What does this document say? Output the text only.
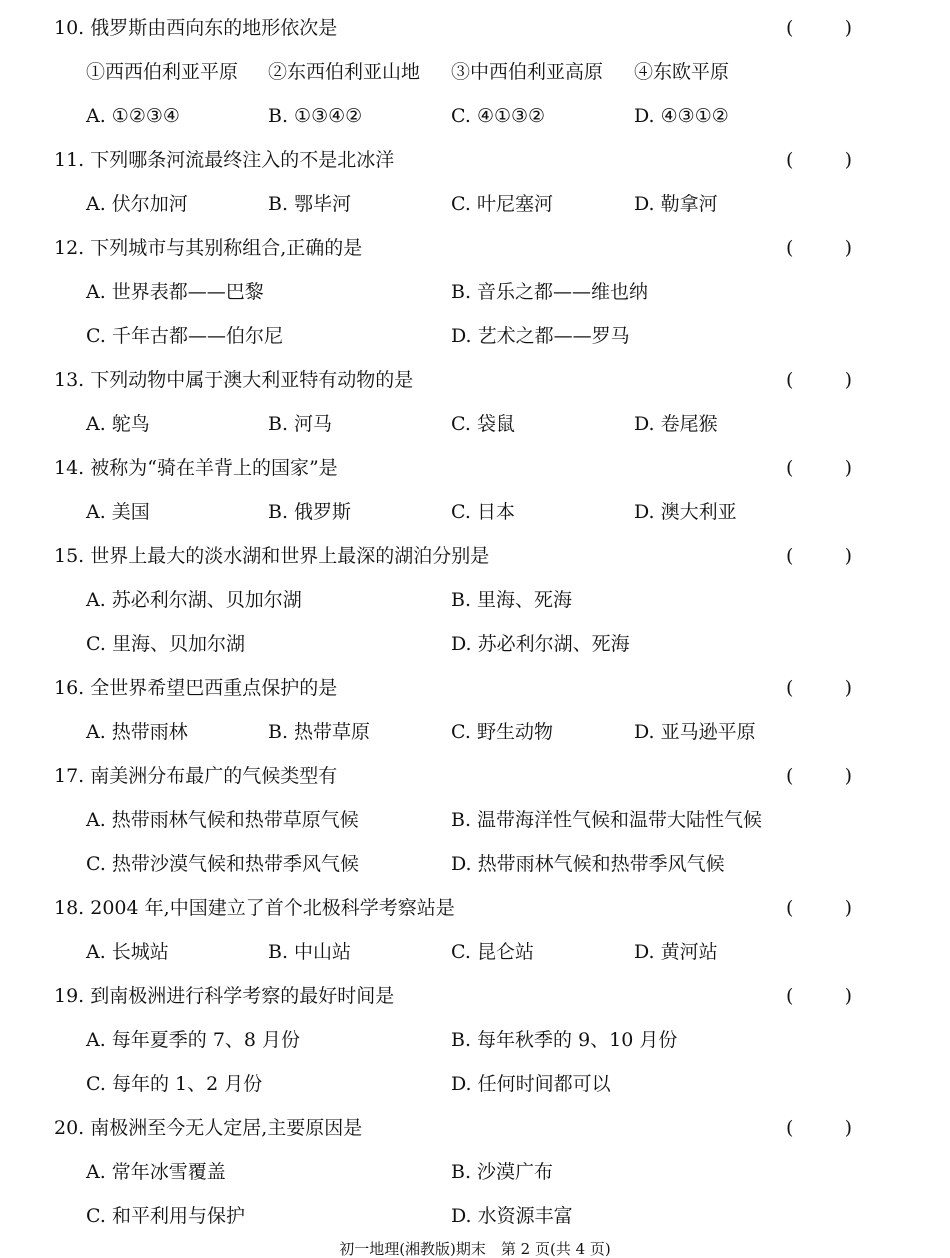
10. 俄罗斯由西向东的地形依次是	(	)
①西西伯利亚平原 ②东西伯利亚山地 ③中西伯利亚高原 ④东欧平原
A. ①②③④	B. ①③④②	C. ④①③②	D. ④③①②
11. 下列哪条河流最终注入的不是北冰洋	(	)
A. 伏尔加河	B. 鄂毕河	C. 叶尼塞河	D. 勒拿河
12. 下列城市与其别称组合,正确的是	(	)
A. 世界表都——巴黎	B. 音乐之都——维也纳
C. 千年古都——伯尔尼	D. 艺术之都——罗马
13. 下列动物中属于澳大利亚特有动物的是	(	)
A. 鸵鸟	B. 河马	C. 袋鼠	D. 卷尾猴
14. 被称为“骑在羊背上的国家”是	(	)
A. 美国	B. 俄罗斯	C. 日本	D. 澳大利亚
15. 世界上最大的淡水湖和世界上最深的湖泊分别是	(	)
A. 苏必利尔湖、贝加尔湖	B. 里海、死海
C. 里海、贝加尔湖	D. 苏必利尔湖、死海
16. 全世界希望巴西重点保护的是	(	)
A. 热带雨林	B. 热带草原	C. 野生动物	D. 亚马逊平原
17. 南美洲分布最广的气候类型有	(	)
A. 热带雨林气候和热带草原气候	B. 温带海洋性气候和温带大陆性气候
C. 热带沙漠气候和热带季风气候	D. 热带雨林气候和热带季风气候
18. 2004 年,中国建立了首个北极科学考察站是	(	)
A. 长城站	B. 中山站	C. 昆仑站	D. 黄河站
19. 到南极洲进行科学考察的最好时间是	(	)
A. 每年夏季的 7、8 月份	B. 每年秋季的 9、10 月份
C. 每年的 1、2 月份	D. 任何时间都可以
20. 南极洲至今无人定居,主要原因是	(	)
A. 常年冰雪覆盖	B. 沙漠广布
C. 和平利用与保护	D. 水资源丰富
初一地理(湘教版)期末　第 2 页(共 4 页)
